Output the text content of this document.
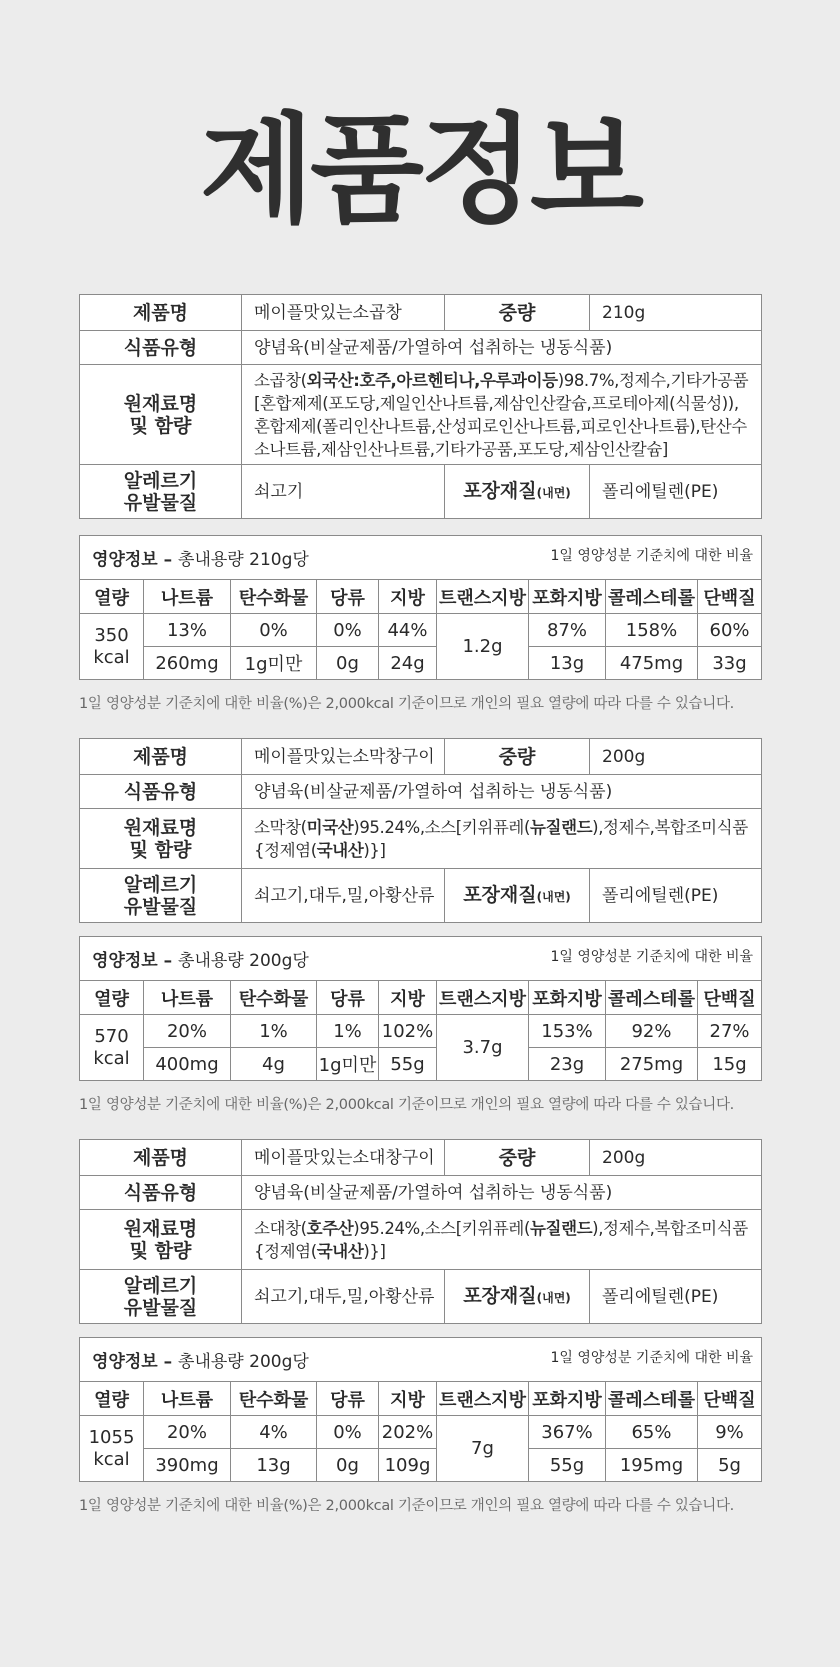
제품정보
제품명	메이플맛있는소곱창	중량	210g
식품유형	양념육(비살균제품/가열하여 섭취하는 냉동식품)		
원재료명
및 함량	소곱창(외국산:호주,아르헨티나,우루과이등)98.7%,정제수,기타가공품
[혼합제제(포도당,제일인산나트륨,제삼인산칼슘,프로테아제(식물성)),
혼합제제(폴리인산나트륨,산성피로인산나트륨,피로인산나트륨),탄산수
소나트륨,제삼인산나트륨,기타가공품,포도당,제삼인산칼슘]		
알레르기
유발물질	쇠고기	포장재질(내면)	폴리에틸렌(PE)
영양정보 – 총내용량 210g당 1일 영양성분 기준치에 대한 비율								

열량	나트륨	탄수화물	당류	지방	트랜스지방	포화지방	콜레스테롤	단백질
350
kcal	13%	0%	0%	44%	1.2g	87%	158%	60%
	260mg	1g미만	0g	24g		13g	475mg	33g
1일 영양성분 기준치에 대한 비율(%)은 2,000kcal 기준이므로 개인의 필요 열량에 따라 다를 수 있습니다.
제품명	메이플맛있는소막창구이	중량	200g
식품유형	양념육(비살균제품/가열하여 섭취하는 냉동식품)		
원재료명
및 함량	소막창(미국산)95.24%,소스[키위퓨레(뉴질랜드),정제수,복합조미식품
{정제염(국내산)}]		
알레르기
유발물질	쇠고기,대두,밀,아황산류	포장재질(내면)	폴리에틸렌(PE)
영양정보 – 총내용량 200g당 1일 영양성분 기준치에 대한 비율								

열량	나트륨	탄수화물	당류	지방	트랜스지방	포화지방	콜레스테롤	단백질
570
kcal	20%	1%	1%	102%	3.7g	153%	92%	27%
	400mg	4g	1g미만	55g		23g	275mg	15g
1일 영양성분 기준치에 대한 비율(%)은 2,000kcal 기준이므로 개인의 필요 열량에 따라 다를 수 있습니다.
제품명	메이플맛있는소대창구이	중량	200g
식품유형	양념육(비살균제품/가열하여 섭취하는 냉동식품)		
원재료명
및 함량	소대창(호주산)95.24%,소스[키위퓨레(뉴질랜드),정제수,복합조미식품
{정제염(국내산)}]		
알레르기
유발물질	쇠고기,대두,밀,아황산류	포장재질(내면)	폴리에틸렌(PE)
영양정보 – 총내용량 200g당 1일 영양성분 기준치에 대한 비율								

열량	나트륨	탄수화물	당류	지방	트랜스지방	포화지방	콜레스테롤	단백질
1055
kcal	20%	4%	0%	202%	7g	367%	65%	9%
	390mg	13g	0g	109g		55g	195mg	5g
1일 영양성분 기준치에 대한 비율(%)은 2,000kcal 기준이므로 개인의 필요 열량에 따라 다를 수 있습니다.
